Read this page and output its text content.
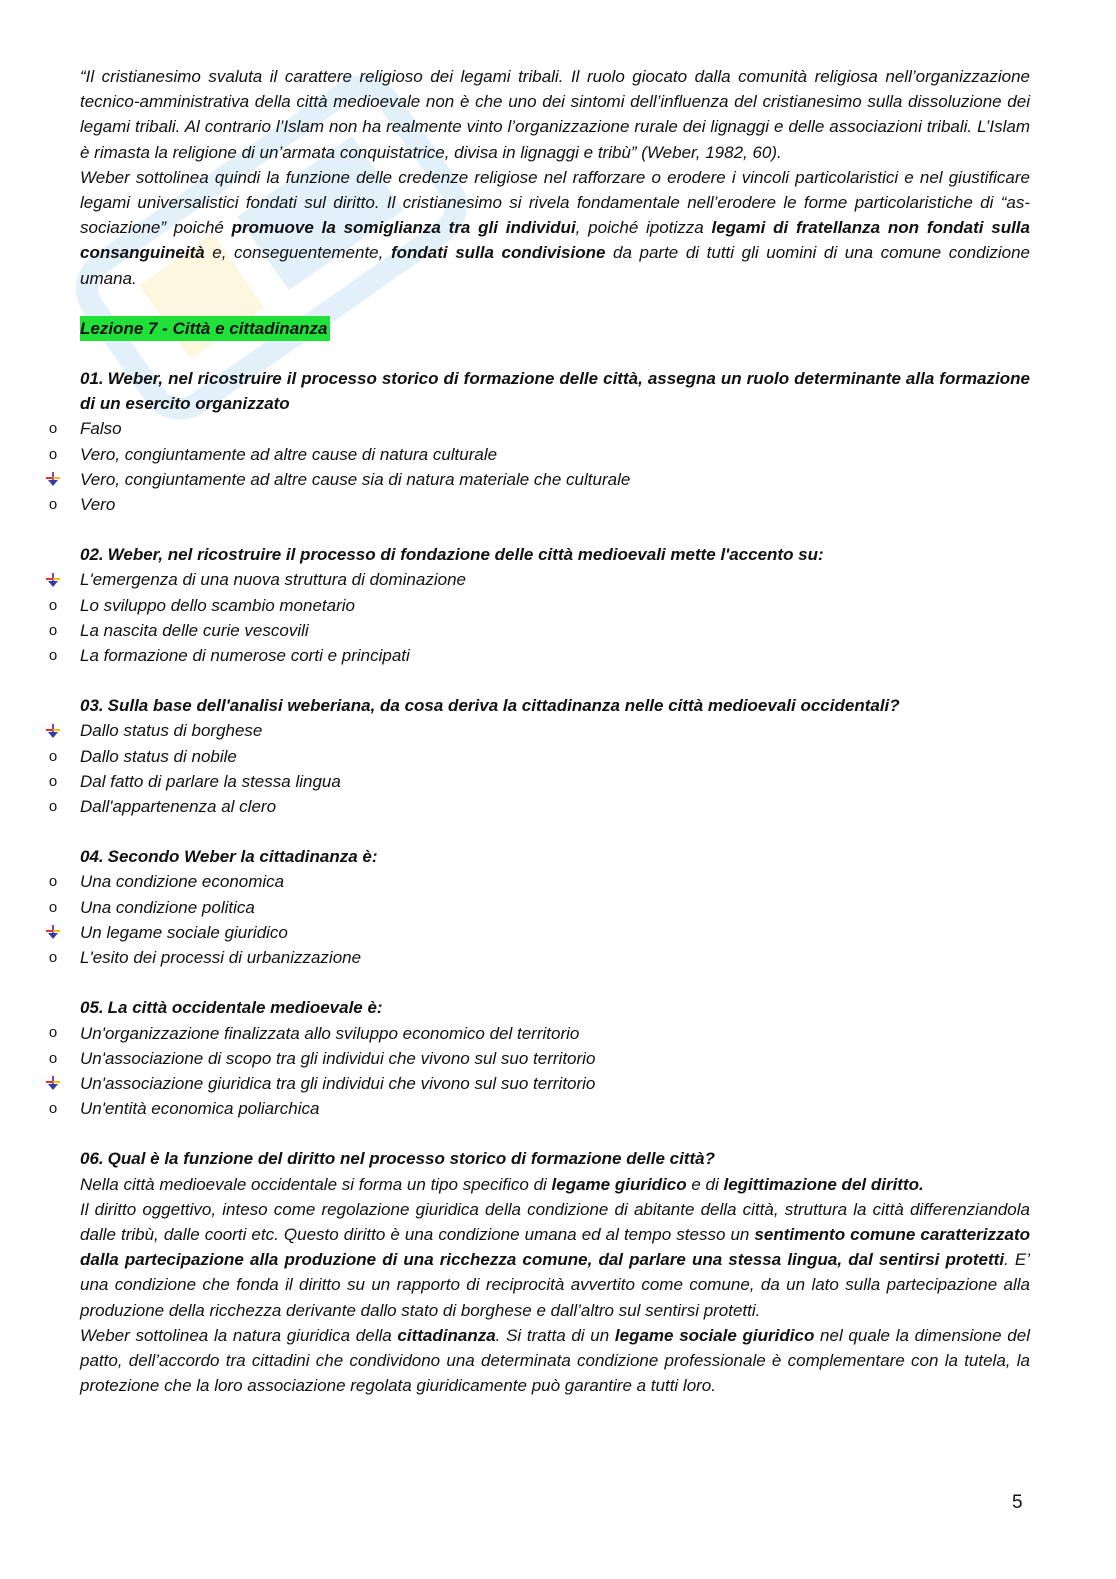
“Il cristianesimo svaluta il carattere religioso dei legami tribali. Il ruolo giocato dalla comunità religiosa nell’organizzazione tecnico-amministrativa della città medioevale non è che uno dei sintomi dell’influenza del cristianesimo sulla dissoluzione dei legami tribali. Al contrario l’Islam non ha realmente vinto l’organizzazione rurale dei lignaggi e delle associazioni tribali. L’Islam è rimasta la religione di un’armata conquistatrice, divisa in lignaggi e tribù” (Weber, 1982, 60).

Weber sottolinea quindi la funzione delle credenze religiose nel rafforzare o erodere i vincoli particolaristici e nel giustificare legami universalistici fondati sul diritto. Il cristianesimo si rivela fondamentale nell’erodere le forme particolaristiche di “as-sociazione” poiché promuove la somiglianza tra gli individui, poiché ipotizza legami di fratellanza non fondati sulla consanguineità e, conseguentemente, fondati sulla condivisione da parte di tutti gli uomini di una comune condizione umana.

Lezione 7 - Città e cittadinanza

01. Weber, nel ricostruire il processo storico di formazione delle città, assegna un ruolo determinante alla formazione di un esercito organizzato

o Falso
o Vero, congiuntamente ad altre cause di natura culturale
Vero, congiuntamente ad altre cause sia di natura materiale che culturale
o Vero

02. Weber, nel ricostruire il processo di fondazione delle città medioevali mette l'accento su:

L'emergenza di una nuova struttura di dominazione
o Lo sviluppo dello scambio monetario
o La nascita delle curie vescovili
o La formazione di numerose corti e principati

03. Sulla base dell'analisi weberiana, da cosa deriva la cittadinanza nelle città medioevali occidentali?

Dallo status di borghese
o Dallo status di nobile
o Dal fatto di parlare la stessa lingua
o Dall'appartenenza al clero

04. Secondo Weber la cittadinanza è:

o Una condizione economica
o Una condizione politica
Un legame sociale giuridico
o L'esito dei processi di urbanizzazione

05. La città occidentale medioevale è:

o Un'organizzazione finalizzata allo sviluppo economico del territorio
o Un'associazione di scopo tra gli individui che vivono sul suo territorio
Un'associazione giuridica tra gli individui che vivono sul suo territorio
o Un'entità economica poliarchica

06. Qual è la funzione del diritto nel processo storico di formazione delle città?

Nella città medioevale occidentale si forma un tipo specifico di legame giuridico e di legittimazione del diritto.

Il diritto oggettivo, inteso come regolazione giuridica della condizione di abitante della città, struttura la città differenziandola dalle tribù, dalle coorti etc. Questo diritto è una condizione umana ed al tempo stesso un sentimento comune caratterizzato dalla partecipazione alla produzione di una ricchezza comune, dal parlare una stessa lingua, dal sentirsi protetti. E’ una condizione che fonda il diritto su un rapporto di reciprocità avvertito come comune, da un lato sulla partecipazione alla produzione della ricchezza derivante dallo stato di borghese e dall’altro sul sentirsi protetti.

Weber sottolinea la natura giuridica della cittadinanza. Si tratta di un legame sociale giuridico nel quale la dimensione del patto, dell’accordo tra cittadini che condividono una determinata condizione professionale è complementare con la tutela, la protezione che la loro associazione regolata giuridicamente può garantire a tutti loro.

5
